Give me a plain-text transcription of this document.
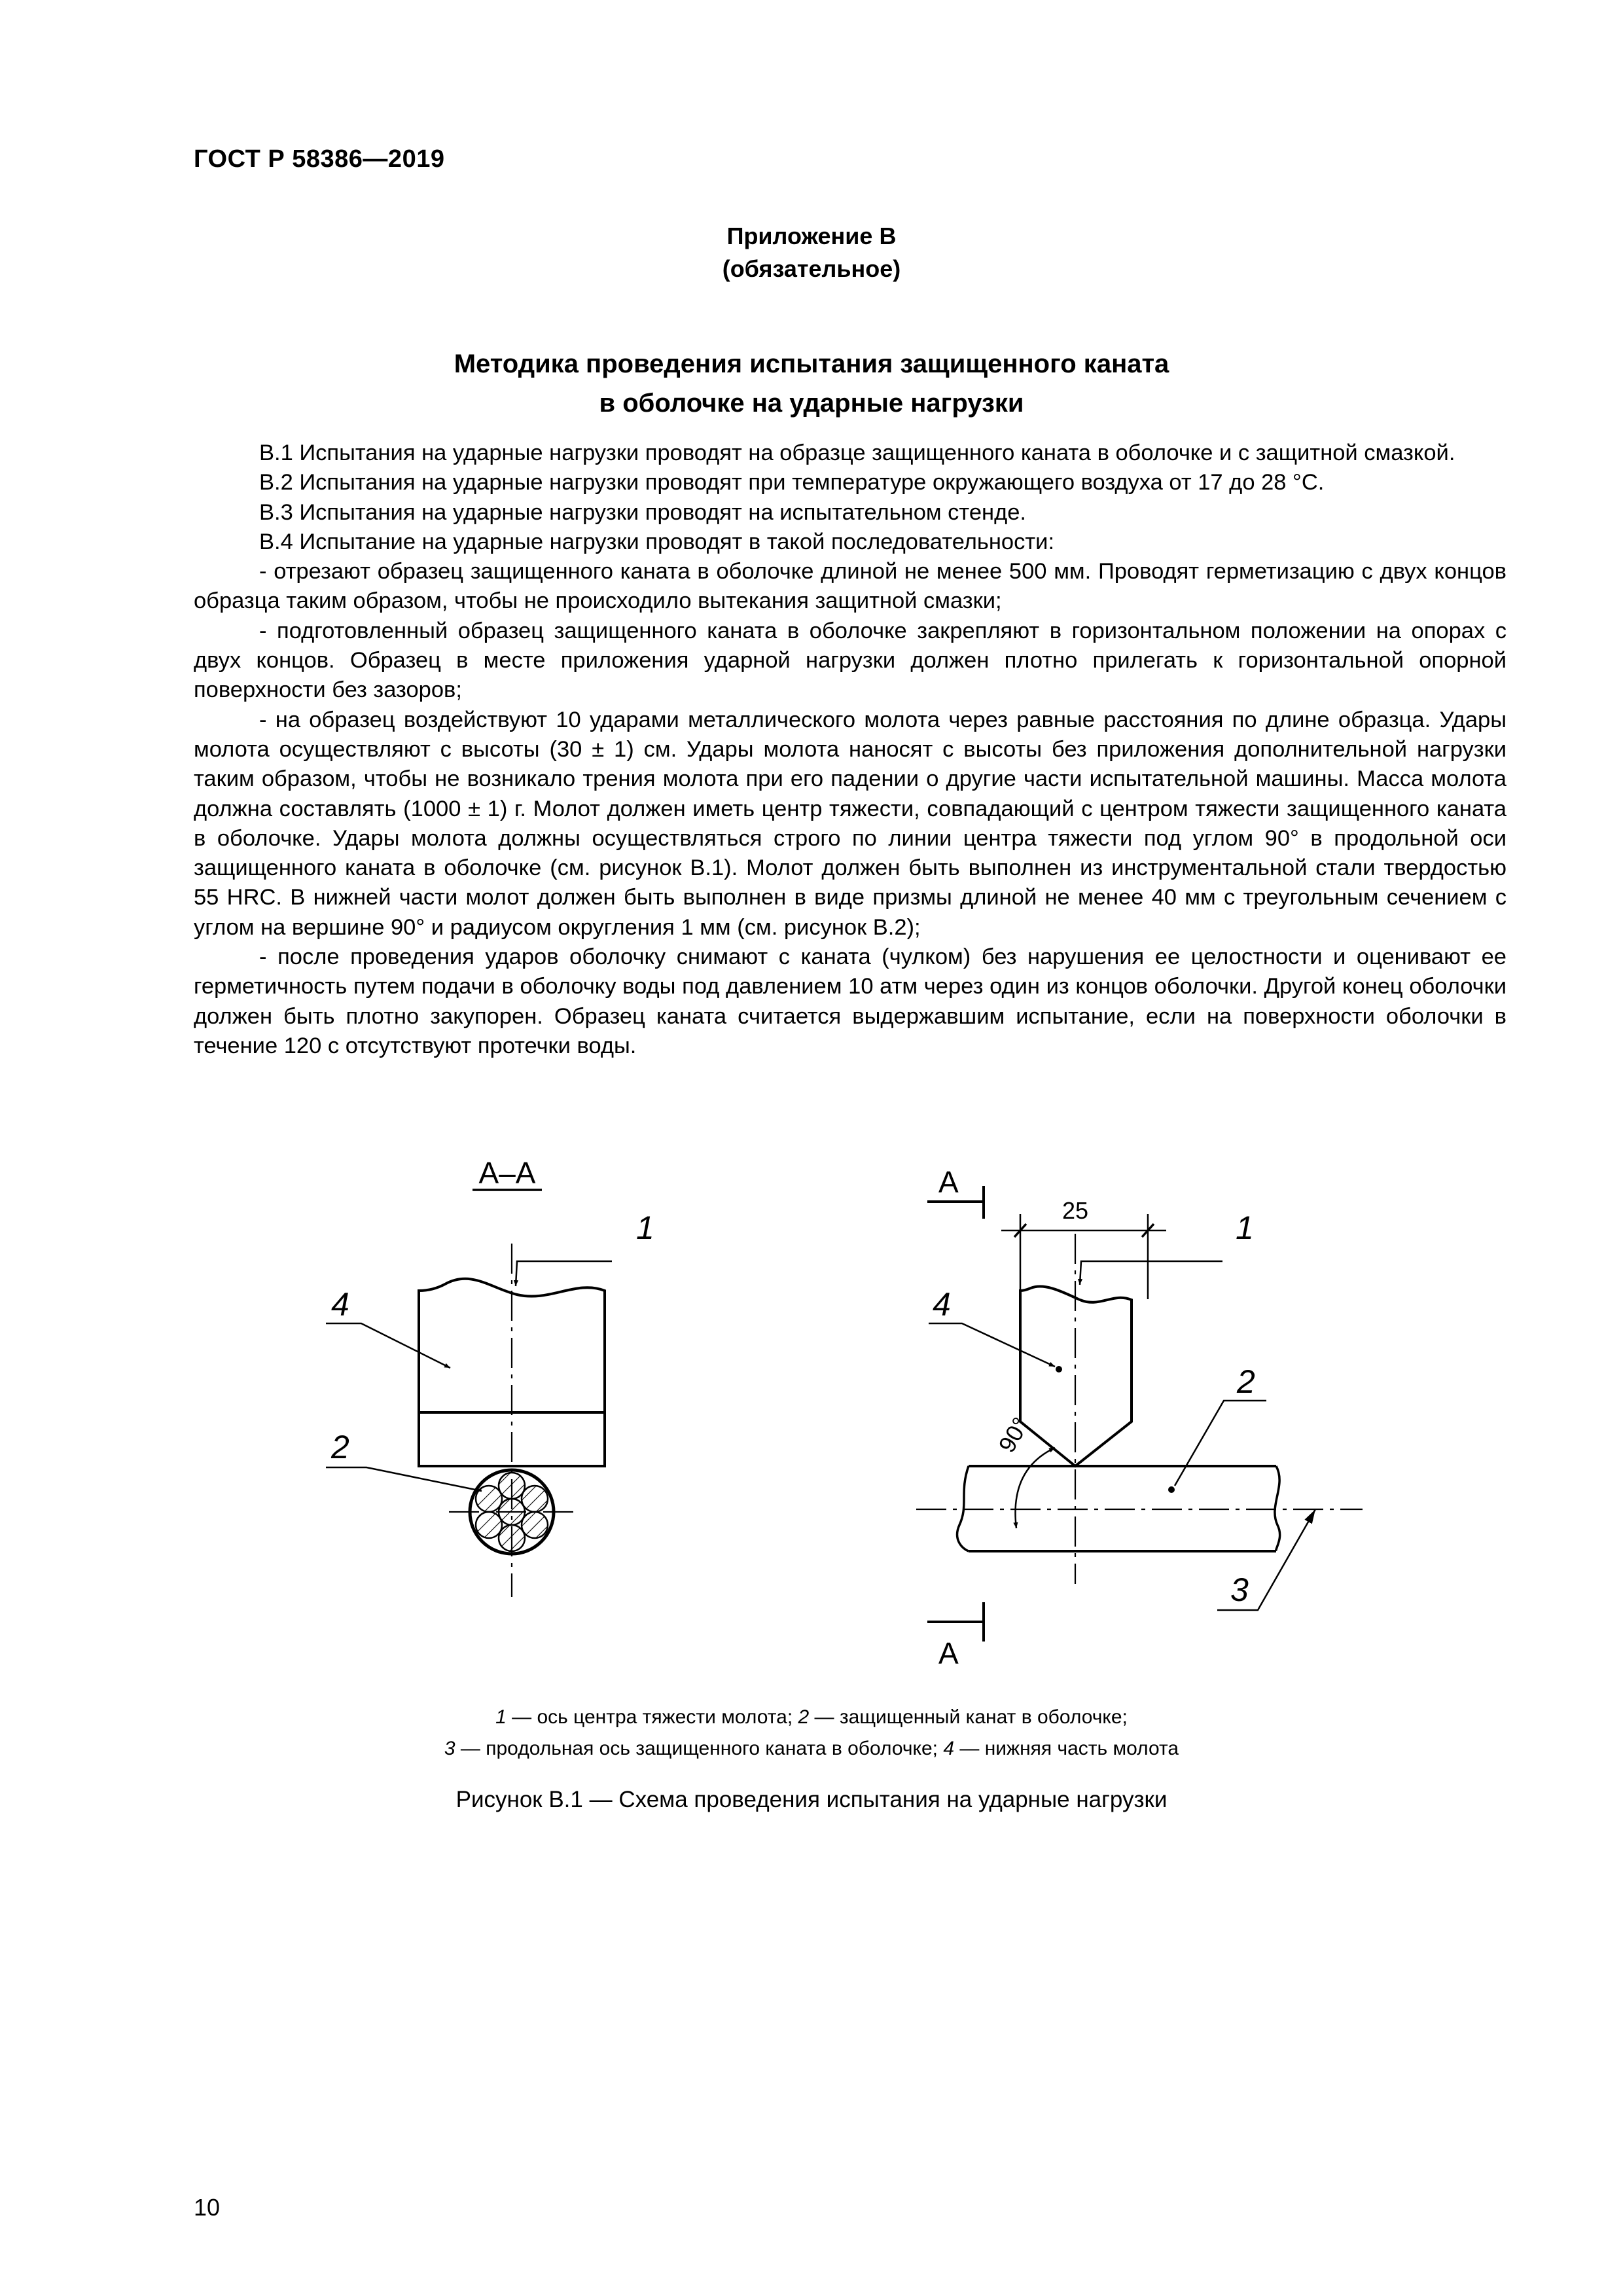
ГОСТ Р 58386—2019
Приложение В
(обязательное)
Методика проведения испытания защищенного каната
в оболочке на ударные нагрузки

В.1 Испытания на ударные нагрузки проводят на образце защищенного каната в оболочке и с защитной смазкой.

В.2 Испытания на ударные нагрузки проводят при температуре окружающего воздуха от 17 до 28 °С.

В.3 Испытания на ударные нагрузки проводят на испытательном стенде.

В.4 Испытание на ударные нагрузки проводят в такой последовательности:

- отрезают образец защищенного каната в оболочке длиной не менее 500 мм. Проводят герметизацию с двух концов образца таким образом, чтобы не происходило вытекания защитной смазки;

- подготовленный образец защищенного каната в оболочке закрепляют в горизонтальном положении на опорах с двух концов. Образец в месте приложения ударной нагрузки должен плотно прилегать к горизонтальной опорной поверхности без зазоров;

- на образец воздействуют 10 ударами металлического молота через равные расстояния по длине образца. Удары молота осуществляют с высоты (30 ± 1) см. Удары молота наносят с высоты без приложения дополнительной нагрузки таким образом, чтобы не возникало трения молота при его падении о другие части испытательной машины. Масса молота должна составлять (1000 ± 1) г. Молот должен иметь центр тяжести, совпадающий с центром тяжести защищенного каната в оболочке. Удары молота должны осуществляться строго по линии центра тяжести под углом 90° в продольной оси защищенного каната в оболочке (см. рисунок В.1). Молот должен быть выполнен из инструментальной стали твердостью 55 HRC. В нижней части молот должен быть выполнен в виде призмы длиной не менее 40 мм с треугольным сечением с углом на вершине 90° и радиусом округления 1 мм (см. рисунок В.2);

- после проведения ударов оболочку снимают с каната (чулком) без нарушения ее целостности и оценивают ее герметичность путем подачи в оболочку воды под давлением 10 атм через один из концов оболочки. Другой конец оболочки должен быть плотно закупорен. Образец каната считается выдержавшим испытание, если на поверхности оболочки в течение 120 с отсутствуют протечки воды.

А–А
1
4
2
А
А
25
90°
1
4
2
3
1 — ось центра тяжести молота; 2 — защищенный канат в оболочке;
3 — продольная ось защищенного каната в оболочке; 4 — нижняя часть молота
Рисунок В.1 — Схема проведения испытания на ударные нагрузки
10
